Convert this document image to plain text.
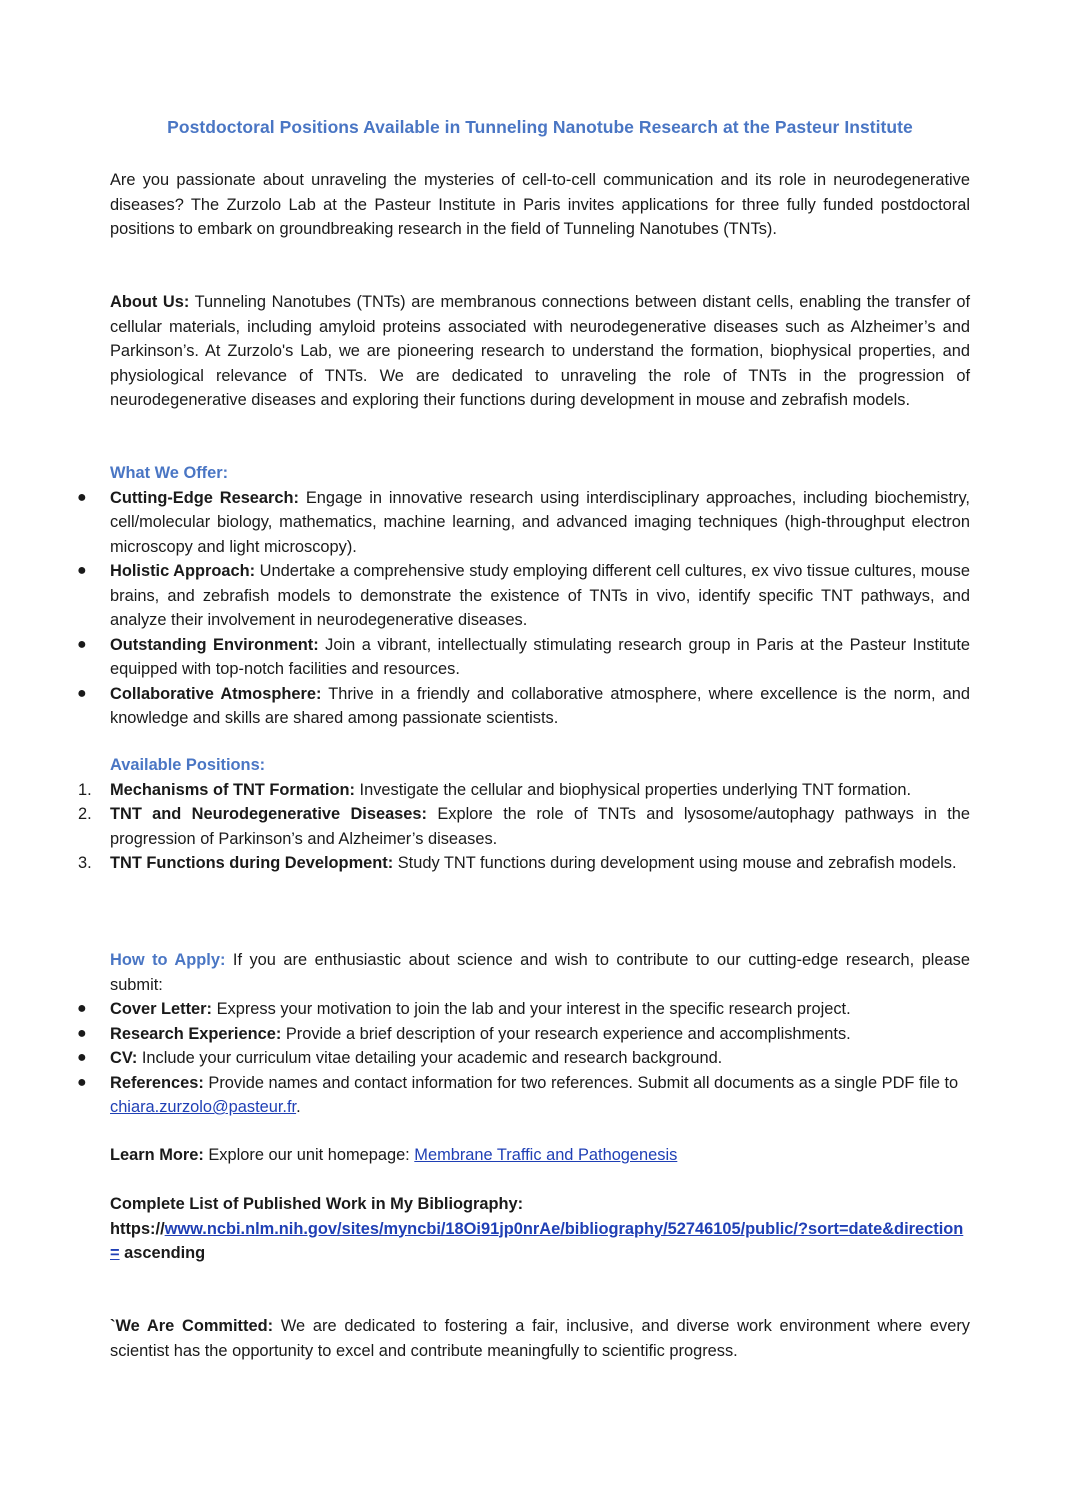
Postdoctoral Positions Available in Tunneling Nanotube Research at the Pasteur Institute
Are you passionate about unraveling the mysteries of cell-to-cell communication and its role in neurodegenerative diseases? The Zurzolo Lab at the Pasteur Institute in Paris invites applications for three fully funded postdoctoral positions to embark on groundbreaking research in the field of Tunneling Nanotubes (TNTs).
About Us: Tunneling Nanotubes (TNTs) are membranous connections between distant cells, enabling the transfer of cellular materials, including amyloid proteins associated with neurodegenerative diseases such as Alzheimer’s and Parkinson’s. At Zurzolo's Lab, we are pioneering research to understand the formation, biophysical properties, and physiological relevance of TNTs. We are dedicated to unraveling the role of TNTs in the progression of neurodegenerative diseases and exploring their functions during development in mouse and zebrafish models.
What We Offer:
● Cutting-Edge Research: Engage in innovative research using interdisciplinary approaches, including biochemistry, cell/molecular biology, mathematics, machine learning, and advanced imaging techniques (high-throughput electron microscopy and light microscopy).
● Holistic Approach: Undertake a comprehensive study employing different cell cultures, ex vivo tissue cultures, mouse brains, and zebrafish models to demonstrate the existence of TNTs in vivo, identify specific TNT pathways, and analyze their involvement in neurodegenerative diseases.
● Outstanding Environment: Join a vibrant, intellectually stimulating research group in Paris at the Pasteur Institute equipped with top-notch facilities and resources.
● Collaborative Atmosphere: Thrive in a friendly and collaborative atmosphere, where excellence is the norm, and knowledge and skills are shared among passionate scientists.
Available Positions:
1. Mechanisms of TNT Formation: Investigate the cellular and biophysical properties underlying TNT formation.
2. TNT and Neurodegenerative Diseases: Explore the role of TNTs and lysosome/autophagy pathways in the progression of Parkinson’s and Alzheimer’s diseases.
3. TNT Functions during Development: Study TNT functions during development using mouse and zebrafish models.
How to Apply: If you are enthusiastic about science and wish to contribute to our cutting-edge research, please submit:
● Cover Letter: Express your motivation to join the lab and your interest in the specific research project.
● Research Experience: Provide a brief description of your research experience and accomplishments.
● CV: Include your curriculum vitae detailing your academic and research background.
● References: Provide names and contact information for two references. Submit all documents as a single PDF file to chiara.zurzolo@pasteur.fr.
Learn More: Explore our unit homepage: Membrane Traffic and Pathogenesis
Complete List of Published Work in My Bibliography:
https://www.ncbi.nlm.nih.gov/sites/myncbi/18Oi91jp0nrAe/bibliography/52746105/public/?sort=date&direction= ascending
`We Are Committed: We are dedicated to fostering a fair, inclusive, and diverse work environment where every scientist has the opportunity to excel and contribute meaningfully to scientific progress.
